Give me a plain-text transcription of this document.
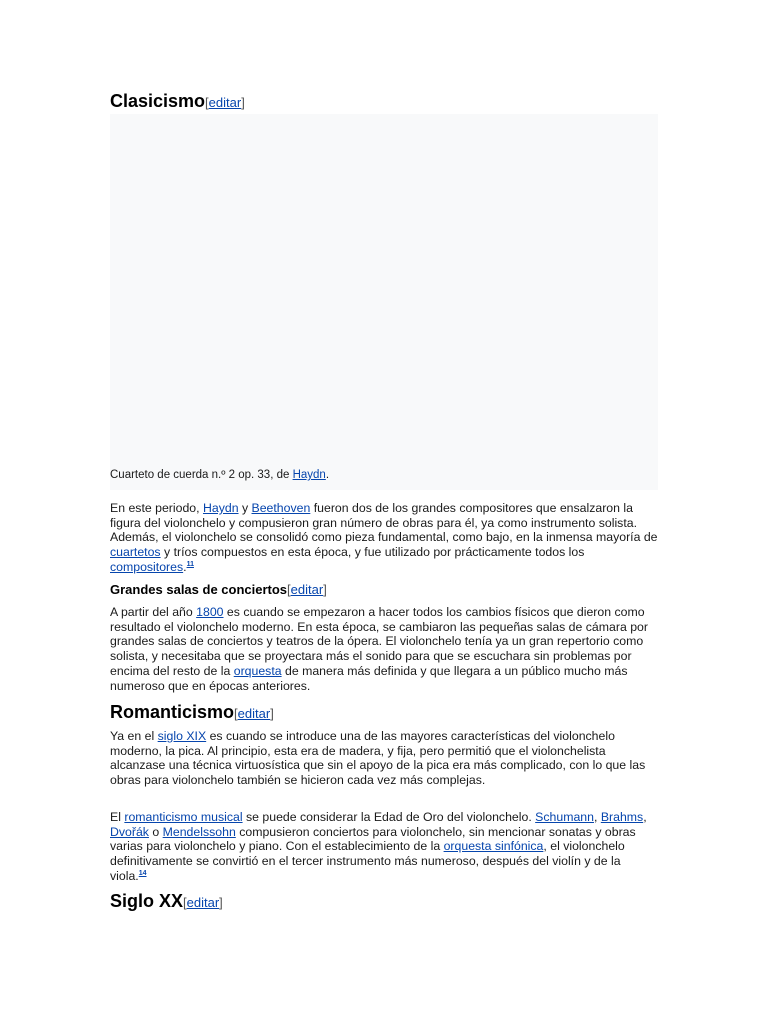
Clasicismo[editar]
Cuarteto de cuerda n.º 2 op. 33, de Haydn.

En este periodo, Haydn y Beethoven fueron dos de los grandes compositores que ensalzaron la figura del violonchelo y compusieron gran número de obras para él, ya como instrumento solista. Además, el violonchelo se consolidó como pieza fundamental, como bajo, en la inmensa mayoría de cuartetos y tríos compuestos en esta época, y fue utilizado por prácticamente todos los compositores.$^{11}$

Grandes salas de conciertos[editar]

A partir del año 1800 es cuando se empezaron a hacer todos los cambios físicos que dieron como resultado el violonchelo moderno. En esta época, se cambiaron las pequeñas salas de cámara por grandes salas de conciertos y teatros de la ópera. El violonchelo tenía ya un gran repertorio como solista, y necesitaba que se proyectara más el sonido para que se escuchara sin problemas por encima del resto de la orquesta de manera más definida y que llegara a un público mucho más numeroso que en épocas anteriores.

Romanticismo[editar]

Ya en el siglo XIX es cuando se introduce una de las mayores características del violonchelo moderno, la pica. Al principio, esta era de madera, y fija, pero permitió que el violonchelista alcanzase una técnica virtuosística que sin el apoyo de la pica era más complicado, con lo que las obras para violonchelo también se hicieron cada vez más complejas.

El romanticismo musical se puede considerar la Edad de Oro del violonchelo. Schumann, Brahms, Dvořák o Mendelssohn compusieron conciertos para violonchelo, sin mencionar sonatas y obras varias para violonchelo y piano. Con el establecimiento de la orquesta sinfónica, el violonchelo definitivamente se convirtió en el tercer instrumento más numeroso, después del violín y de la viola.$^{14}$

Siglo XX[editar]
